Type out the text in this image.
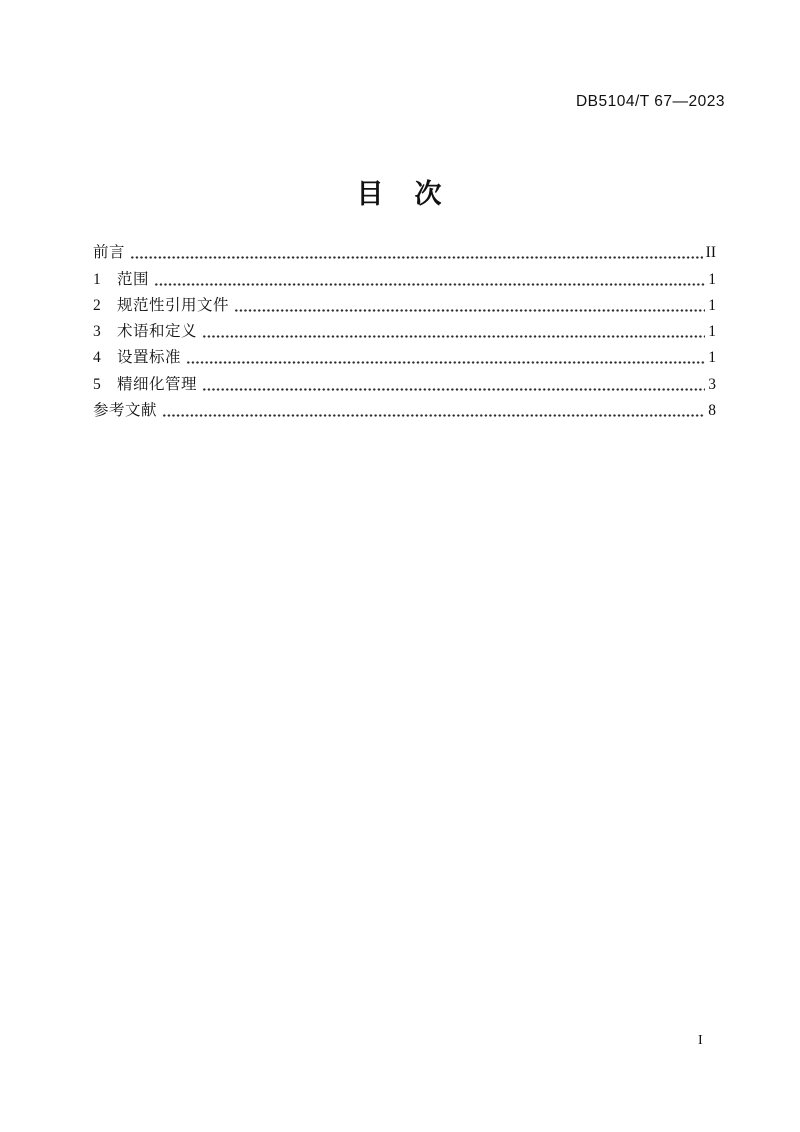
DB5104/T 67—2023
目　次
前言	II
1	范围	1
2	规范性引用文件	1
3	术语和定义	1
4	设置标准	1
5	精细化管理	3
参考文献	8
I
